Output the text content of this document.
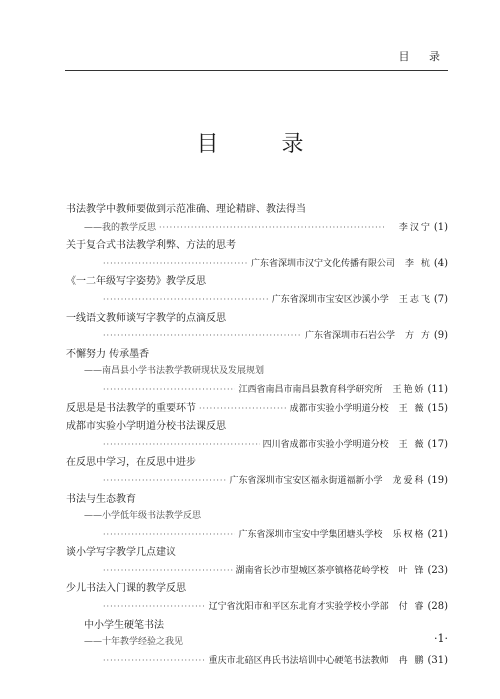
目 录
目 录
书法教学中教师要做到示范准确、理论精辟、教法得当
——我的教学反思 ·····	李汉宁 (1)
关于复合式书法教学利弊、方法的思考
·····
广东省深圳市汉宁文化传播有限公司 李 杭 (4)
《一二年级写字姿势》教学反思
·····
广东省深圳市宝安区沙溪小学 王志飞 (7)
一线语文教师谈写字教学的点滴反思
·····
广东省深圳市石岩公学 方 方 (9)
不懈努力 传承墨香
——南昌县小学书法教学教研现状及发展规划
·····
江西省南昌市南昌县教育科学研究所 王艳娇 (11)
反思是是书法教学的重要环节 ·····	成都市实验小学明道分校 王 薇 (15)
成都市实验小学明道分校书法课反思
·····
四川省成都市实验小学明道分校 王 薇 (17)
在反思中学习，在反思中进步
·····
广东省深圳市宝安区福永街道福新小学 龙爱科 (19)
书法与生态教育
——小学低年级书法教学反思
·····
广东省深圳市宝安中学集团塘头学校 乐权格 (21)
谈小学写字教学几点建议
·····
湖南省长沙市望城区茶亭镇格花岭学校 叶 锋 (23)
少儿书法入门课的教学反思
·····
辽宁省沈阳市和平区东北育才实验学校小学部 付 睿 (28)
中小学生硬笔书法
——十年教学经验之我见
·····
重庆市北碚区冉氏书法培训中心硬笔书法教师 冉 鹏 (31)
·1·
